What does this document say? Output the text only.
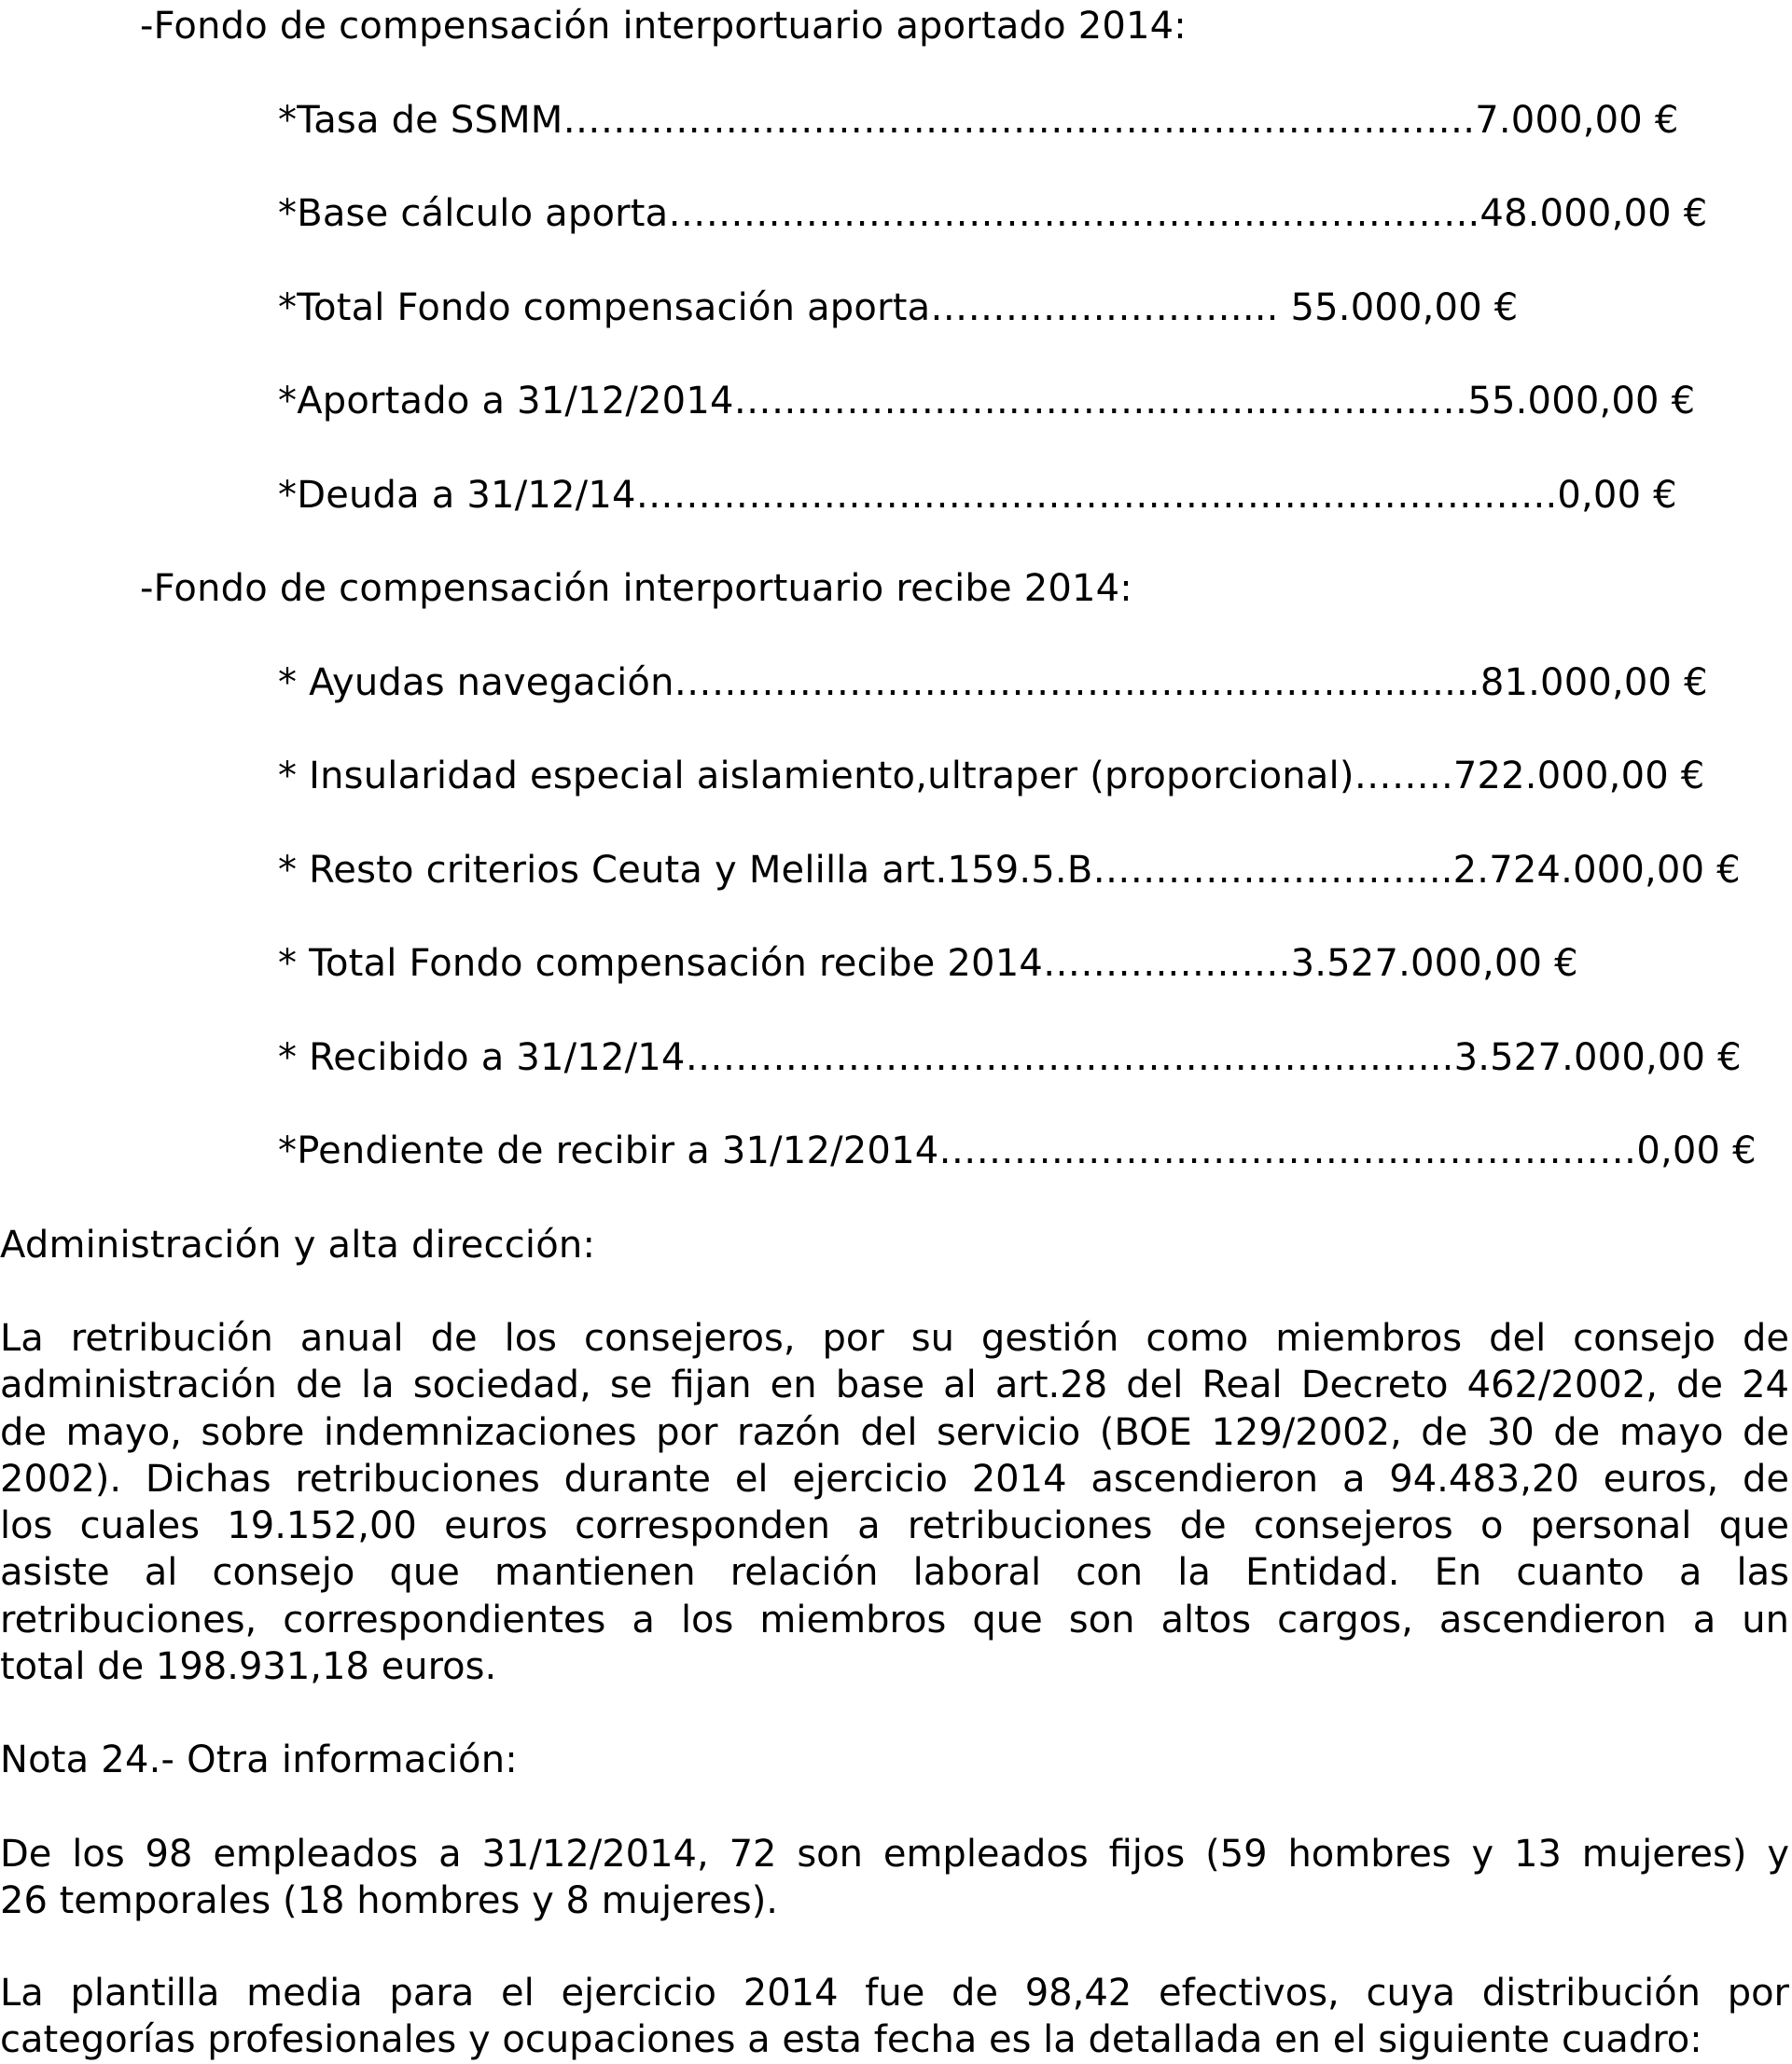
-Fondo de compensación interportuario aportado 2014:

*Tasa de SSMM……………………………………………………………….7.000,00 €

*Base cálculo aporta………………………………………………………..48.000,00 €

*Total Fondo compensación aporta…………………….... 55.000,00 €

*Aportado a 31/12/2014…………………..………...……..………….…55.000,00 €

*Deuda a 31/12/14………………………….……………..….……………..…..0,00 €

-Fondo de compensación interportuario recibe 2014:

* Ayudas navegación………………………………..……………............81.000,00 €

* Insularidad especial aislamiento,ultraper (proporcional)……..722.000,00 €

* Resto criterios Ceuta y Melilla art.159.5.B…………………….....2.724.000,00 €

* Total Fondo compensación recibe 2014………..…..….3.527.000,00 €

* Recibido a 31/12/14…………………………………….…..…...........3.527.000,00 €

*Pendiente de recibir a 31/12/2014………..………………….…..………………0,00 €

Administración y alta dirección:

La retribución anual de los consejeros, por su gestión como miembros del consejo de
administración de la sociedad, se fijan en base al art.28 del Real Decreto 462/2002, de 24
de mayo, sobre indemnizaciones por razón del servicio (BOE 129/2002, de 30 de mayo de
2002). Dichas retribuciones durante el ejercicio 2014 ascendieron a 94.483,20 euros, de
los cuales 19.152,00 euros corresponden a retribuciones de consejeros o personal que
asiste al consejo que mantienen relación laboral con la Entidad. En cuanto a las
retribuciones, correspondientes a los miembros que son altos cargos, ascendieron a un
total de 198.931,18 euros.

Nota 24.- Otra información:

De los 98 empleados a 31/12/2014, 72 son empleados fijos (59 hombres y 13 mujeres) y
26 temporales (18 hombres y 8 mujeres).
La plantilla media para el ejercicio 2014 fue de 98,42 efectivos, cuya distribución por
categorías profesionales y ocupaciones a esta fecha es la detallada en el siguiente cuadro:
